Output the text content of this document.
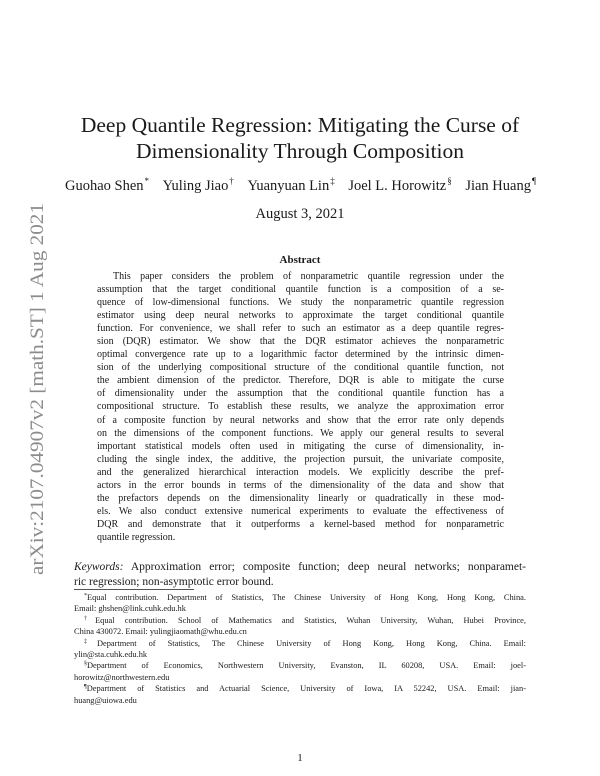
arXiv:2107.04907v2 [math.ST] 1 Aug 2021
Deep Quantile Regression: Mitigating the Curse of
Dimensionality Through Composition
Guohao Shen* Yuling Jiao† Yuanyuan Lin‡ Joel L. Horowitz§ Jian Huang¶
August 3, 2021
Abstract
This paper considers the problem of nonparametric quantile regression under the
assumption that the target conditional quantile function is a composition of a se-
quence of low-dimensional functions. We study the nonparametric quantile regression
estimator using deep neural networks to approximate the target conditional quantile
function. For convenience, we shall refer to such an estimator as a deep quantile regres-
sion (DQR) estimator. We show that the DQR estimator achieves the nonparametric
optimal convergence rate up to a logarithmic factor determined by the intrinsic dimen-
sion of the underlying compositional structure of the conditional quantile function, not
the ambient dimension of the predictor. Therefore, DQR is able to mitigate the curse
of dimensionality under the assumption that the conditional quantile function has a
compositional structure. To establish these results, we analyze the approximation error
of a composite function by neural networks and show that the error rate only depends
on the dimensions of the component functions. We apply our general results to several
important statistical models often used in mitigating the curse of dimensionality, in-
cluding the single index, the additive, the projection pursuit, the univariate composite,
and the generalized hierarchical interaction models. We explicitly describe the pref-
actors in the error bounds in terms of the dimensionality of the data and show that
the prefactors depends on the dimensionality linearly or quadratically in these mod-
els. We also conduct extensive numerical experiments to evaluate the effectiveness of
DQR and demonstrate that it outperforms a kernel-based method for nonparametric
quantile regression.
Keywords: Approximation error; composite function; deep neural networks; nonparamet-
ric regression; non-asymptotic error bound.
*Equal contribution. Department of Statistics, The Chinese University of Hong Kong, Hong Kong, China.
Email: ghshen@link.cuhk.edu.hk
†Equal contribution. School of Mathematics and Statistics, Wuhan University, Wuhan, Hubei Province,
China 430072. Email: yulingjiaomath@whu.edu.cn
‡Department of Statistics, The Chinese University of Hong Kong, Hong Kong, China. Email:
ylin@sta.cuhk.edu.hk
§Department of Economics, Northwestern University, Evanston, IL 60208, USA. Email: joel-
horowitz@northwestern.edu
¶Department of Statistics and Actuarial Science, University of Iowa, IA 52242, USA. Email: jian-
huang@uiowa.edu
1
